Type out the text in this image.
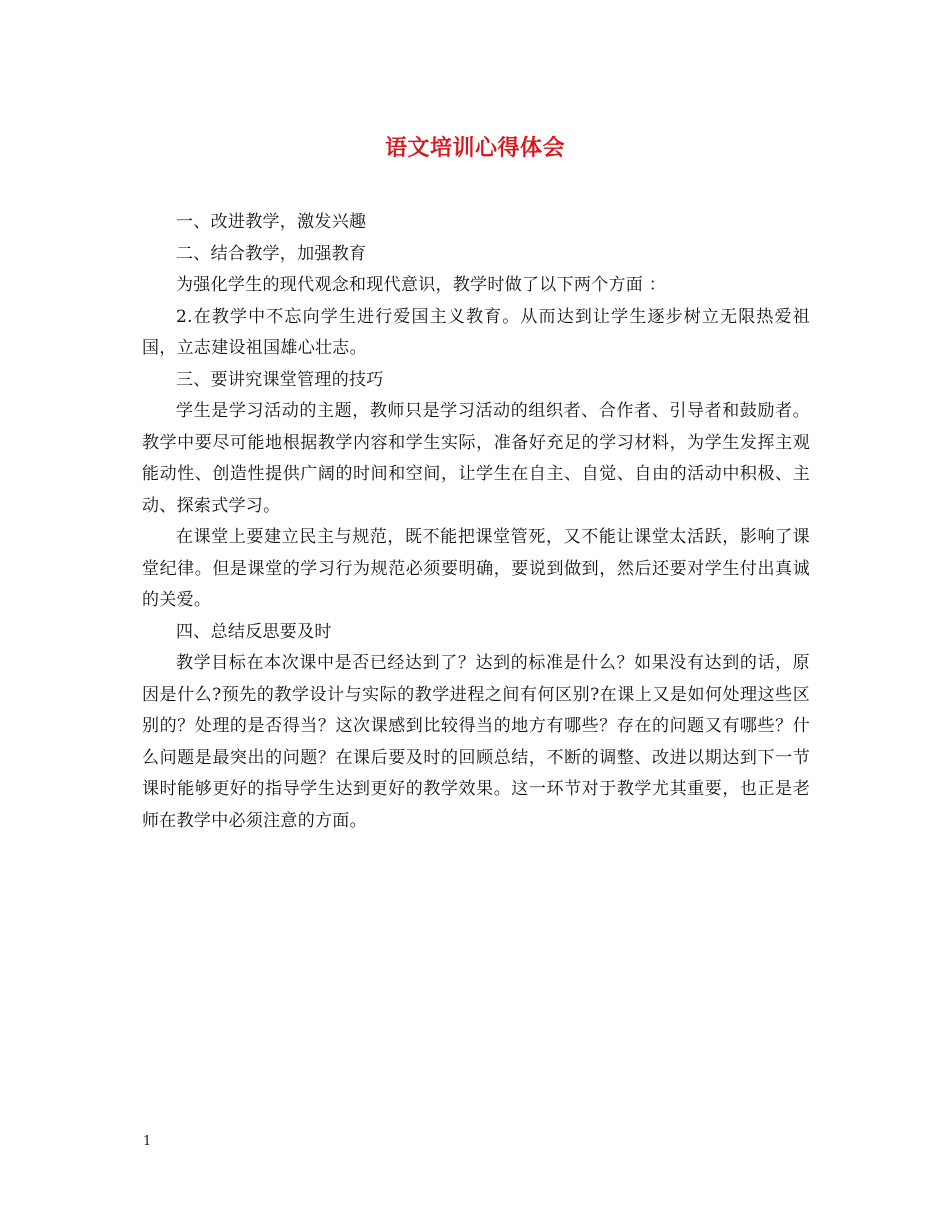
语文培训心得体会

一、改进教学，激发兴趣

二、结合教学，加强教育

为强化学生的现代观念和现代意识，教学时做了以下两个方面 ：

2.在教学中不忘向学生进行爱国主义教育。从而达到让学生逐步树立无限热爱祖国，立志建设祖国雄心壮志。

三、要讲究课堂管理的技巧

学生是学习活动的主题，教师只是学习活动的组织者、合作者、引导者和鼓励者。教学中要尽可能地根据教学内容和学生实际，准备好充足的学习材料，为学生发挥主观能动性、创造性提供广阔的时间和空间，让学生在自主、自觉、自由的活动中积极、主动、探索式学习。

在课堂上要建立民主与规范，既不能把课堂管死，又不能让课堂太活跃，影响了课堂纪律。但是课堂的学习行为规范必须要明确，要说到做到，然后还要对学生付出真诚的关爱。

四、总结反思要及时

教学目标在本次课中是否已经达到了？达到的标准是什么？如果没有达到的话，原因是什么?预先的教学设计与实际的教学进程之间有何区别?在课上又是如何处理这些区别的？处理的是否得当？这次课感到比较得当的地方有哪些？存在的问题又有哪些？什么问题是最突出的问题？在课后要及时的回顾总结，不断的调整、改进以期达到下一节课时能够更好的指导学生达到更好的教学效果。这一环节对于教学尤其重要，也正是老师在教学中必须注意的方面。

1
